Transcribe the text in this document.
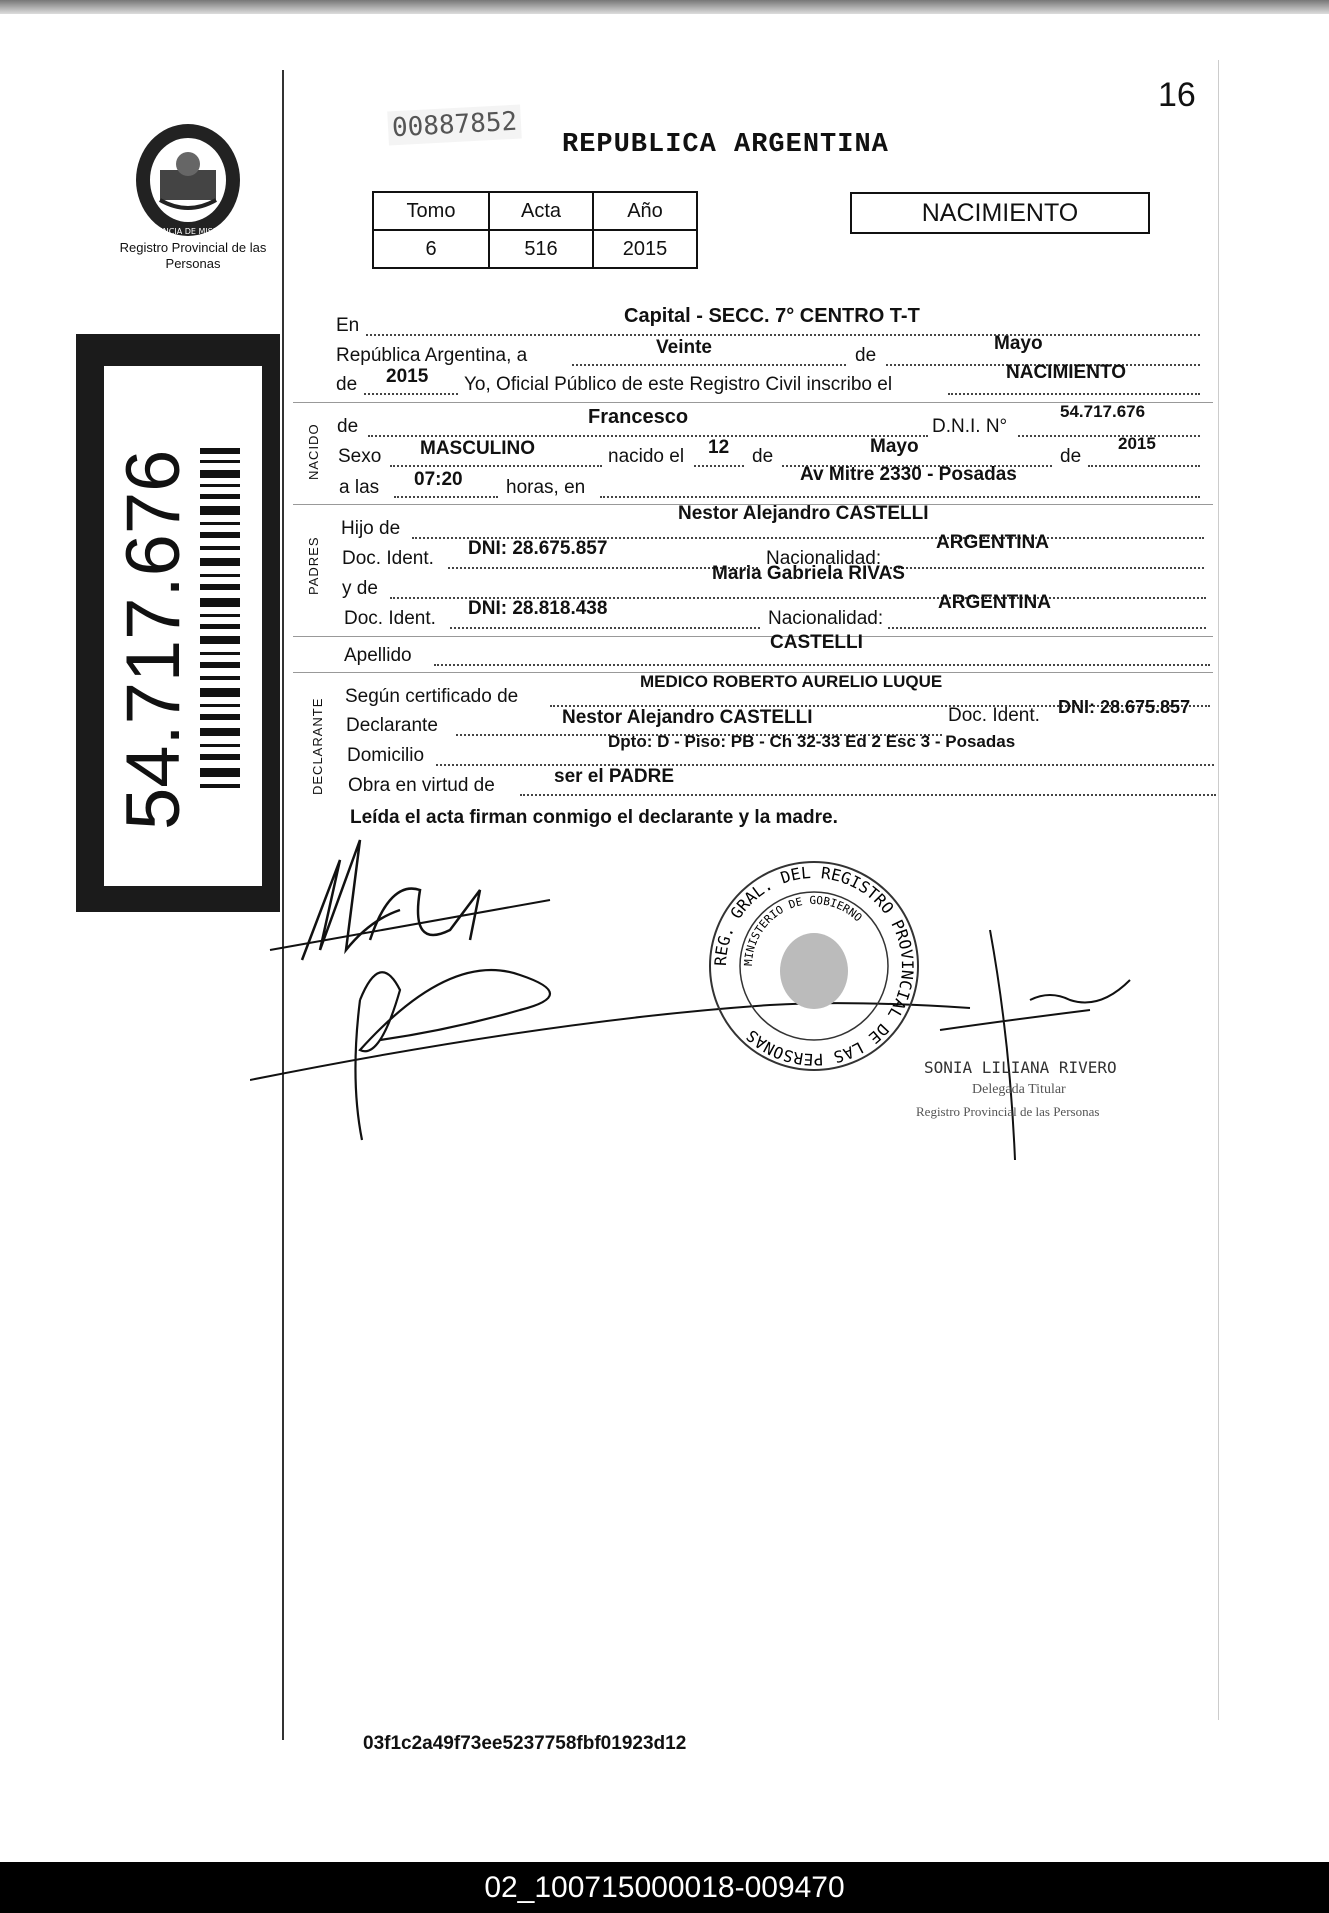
PROVINCIA DE MISIONES
Registro Provincial de las Personas
16
00887852
REPUBLICA ARGENTINA
Tomo	Acta	Año
6	516	2015
NACIMIENTO
54.717.676	NACIDO
PADRES
DECLARANTE
En	Capital - SECC. 7° CENTRO T-T
República Argentina, a	Veinte	de
Mayo
de 2015 Yo, Oficial Público de este Registro Civil inscribo el
NACIMIENTO
de	Francesco	D.N.I. N°
54.717.676
Sexo MASCULINO	nacido el 12 de	Mayo	de
2015
a las 07:20 horas, en
Av Mitre 2330 - Posadas
Hijo de
Nestor Alejandro CASTELLI
Doc. Ident. DNI: 28.675.857	Nacionalidad:
ARGENTINA
y de
Maria Gabriela RIVAS
Doc. Ident. DNI: 28.818.438	Nacionalidad:
ARGENTINA
Apellido
CASTELLI
Según certificado de
MEDICO ROBERTO AURELIO LUQUE
Declarante	Nestor Alejandro CASTELLI	Doc. Ident. DNI: 28.675.857
Domicilio
Dpto: D - Piso: PB - Ch 32-33 Ed 2 Esc 3 - Posadas
Obra en virtud de	ser el PADRE
Leída el acta firman conmigo el declarante y la madre.
REG. GRAL. DEL REGISTRO PROVINCIAL DE LAS PERSONAS
MINISTERIO DE GOBIERNO
SONIA LILIANA RIVERO
Delegada Titular
Registro Provincial de las Personas
03f1c2a49f73ee5237758fbf01923d12
02_100715000018-009470
